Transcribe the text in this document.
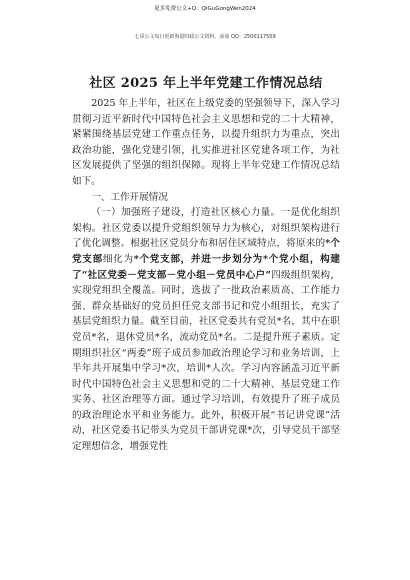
更多免费公文+Q：QiGuGongWen2024
七哥公文每日更新海量时政公文资料，添加 QQ：2500117509
社区 2025 年上半年党建工作情况总结

2025 年上半年，社区在上级党委的坚强领导下，深入学习贯彻习近平新时代中国特色社会主义思想和党的二十大精神，紧紧围绕基层党建工作重点任务，以提升组织力为重点，突出政治功能，强化党建引领，扎实推进社区党建各项工作，为社区发展提供了坚强的组织保障。现将上半年党建工作情况总结如下。

一、工作开展情况

（一）加强班子建设，打造社区核心力量。一是优化组织架构。社区党委以提升党组织领导力为核心，对组织架构进行了优化调整。根据社区党员分布和居住区域特点，将原来的*个党支部细化为*个党支部，并进一步划分为*个党小组，构建了“社区党委－党支部－党小组－党员中心户”四级组织架构，实现党组织全覆盖。同时，选拔了一批政治素质高、工作能力强、群众基础好的党员担任党支部书记和党小组组长，充实了基层党组织力量。截至目前，社区党委共有党员*名，其中在职党员*名，退休党员*名，流动党员*名。二是提升班子素质。定期组织社区“两委”班子成员参加政治理论学习和业务培训，上半年共开展集中学习*次，培训*人次。学习内容涵盖习近平新时代中国特色社会主义思想和党的二十大精神、基层党建工作实务、社区治理等方面。通过学习培训，有效提升了班子成员的政治理论水平和业务能力。此外，积极开展“书记讲党课”活动，社区党委书记带头为党员干部讲党课*次，引导党员干部坚定理想信念，增强党性
